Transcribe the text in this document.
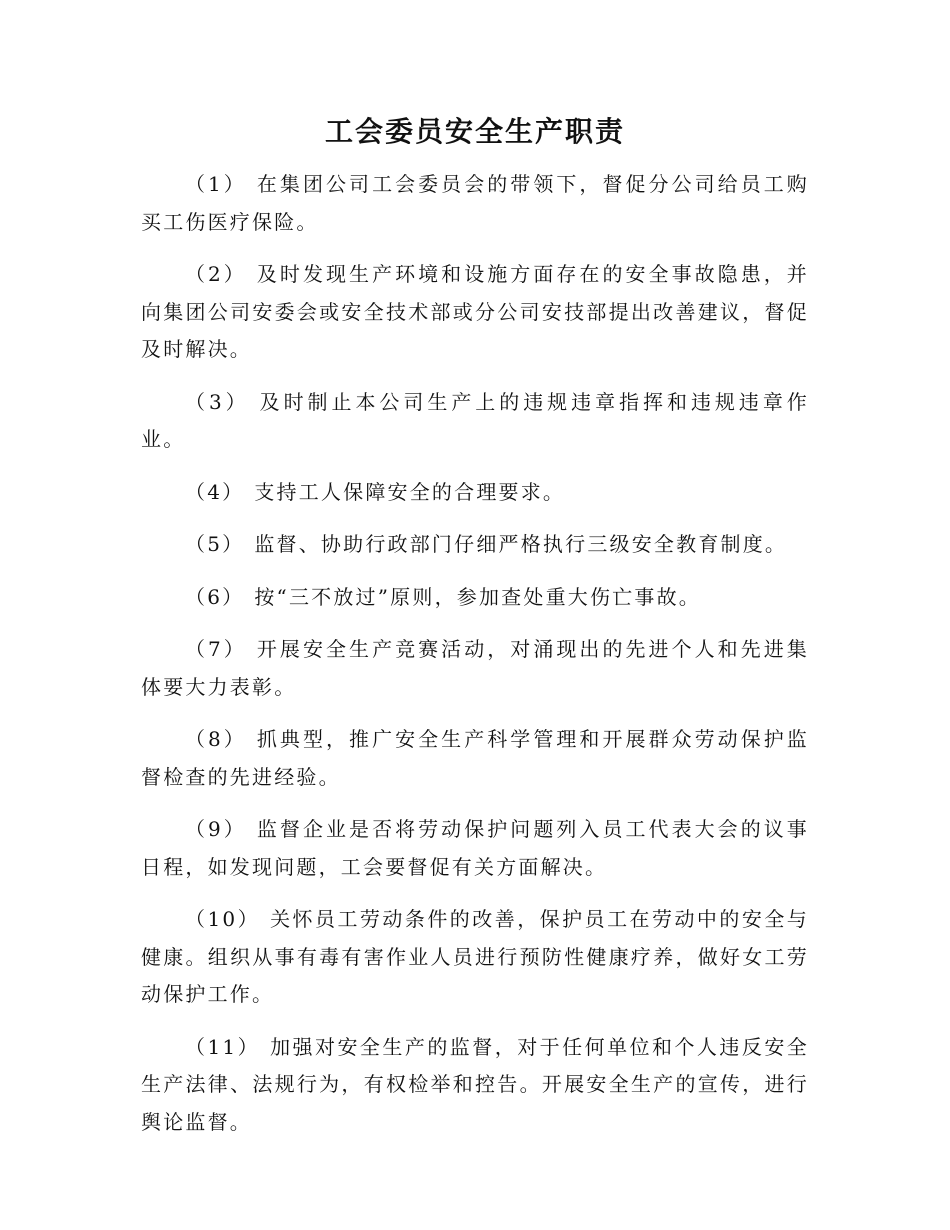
工会委员安全生产职责
（1） 在集团公司工会委员会的带领下，督促分公司给员工购买工伤医疗保险。
（2） 及时发现生产环境和设施方面存在的安全事故隐患，并向集团公司安委会或安全技术部或分公司安技部提出改善建议，督促及时解决。
（3） 及时制止本公司生产上的违规违章指挥和违规违章作业。
（4） 支持工人保障安全的合理要求。
（5） 监督、协助行政部门仔细严格执行三级安全教育制度。
（6） 按“三不放过”原则，参加查处重大伤亡事故。
（7） 开展安全生产竞赛活动，对涌现出的先进个人和先进集体要大力表彰。
（8） 抓典型，推广安全生产科学管理和开展群众劳动保护监督检查的先进经验。
（9） 监督企业是否将劳动保护问题列入员工代表大会的议事日程，如发现问题，工会要督促有关方面解决。
（10） 关怀员工劳动条件的改善，保护员工在劳动中的安全与健康。组织从事有毒有害作业人员进行预防性健康疗养，做好女工劳动保护工作。
（11） 加强对安全生产的监督，对于任何单位和个人违反安全生产法律、法规行为，有权检举和控告。开展安全生产的宣传，进行舆论监督。
